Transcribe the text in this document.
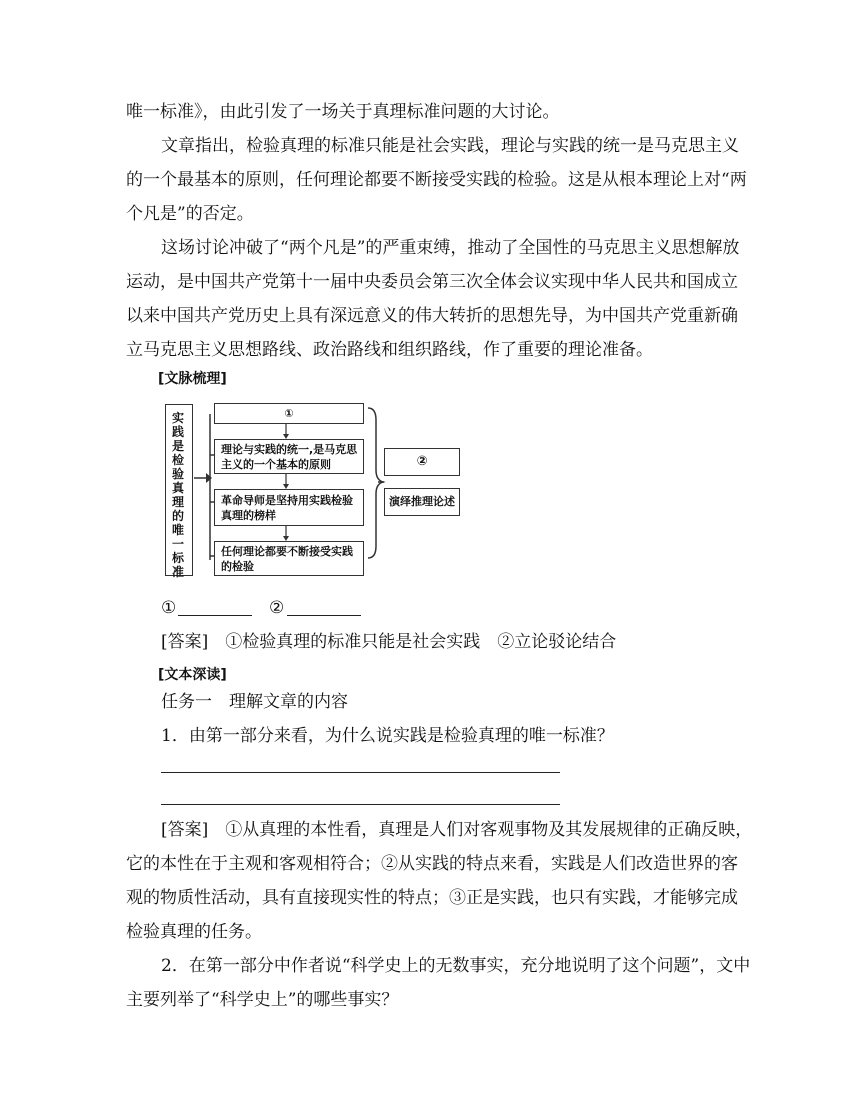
唯一标准》，由此引发了一场关于真理标准问题的大讨论。
文章指出，检验真理的标准只能是社会实践，理论与实践的统一是马克思主义
的一个最基本的原则，任何理论都要不断接受实践的检验。这是从根本理论上对“两
个凡是”的否定。
这场讨论冲破了“两个凡是”的严重束缚，推动了全国性的马克思主义思想解放
运动，是中国共产党第十一届中央委员会第三次全体会议实现中华人民共和国成立
以来中国共产党历史上具有深远意义的伟大转折的思想先导，为中国共产党重新确
立马克思主义思想路线、政治路线和组织路线，作了重要的理论准备。
[文脉梳理]
实践是检验真理的唯一标准
①
理论与实践的统一,是马克思主义的一个基本的原则
革命导师是坚持用实践检验真理的榜样
任何理论都要不断接受实践的检验
②
演绎推理论述
①	②
[答案]　①检验真理的标准只能是社会实践　②立论驳论结合
[文本深读]
任务一　理解文章的内容
1．由第一部分来看，为什么说实践是检验真理的唯一标准？
[答案]　①从真理的本性看，真理是人们对客观事物及其发展规律的正确反映，
它的本性在于主观和客观相符合；②从实践的特点来看，实践是人们改造世界的客
观的物质性活动，具有直接现实性的特点；③正是实践，也只有实践，才能够完成
检验真理的任务。
2．在第一部分中作者说“科学史上的无数事实，充分地说明了这个问题”，文中
主要列举了“科学史上”的哪些事实？
